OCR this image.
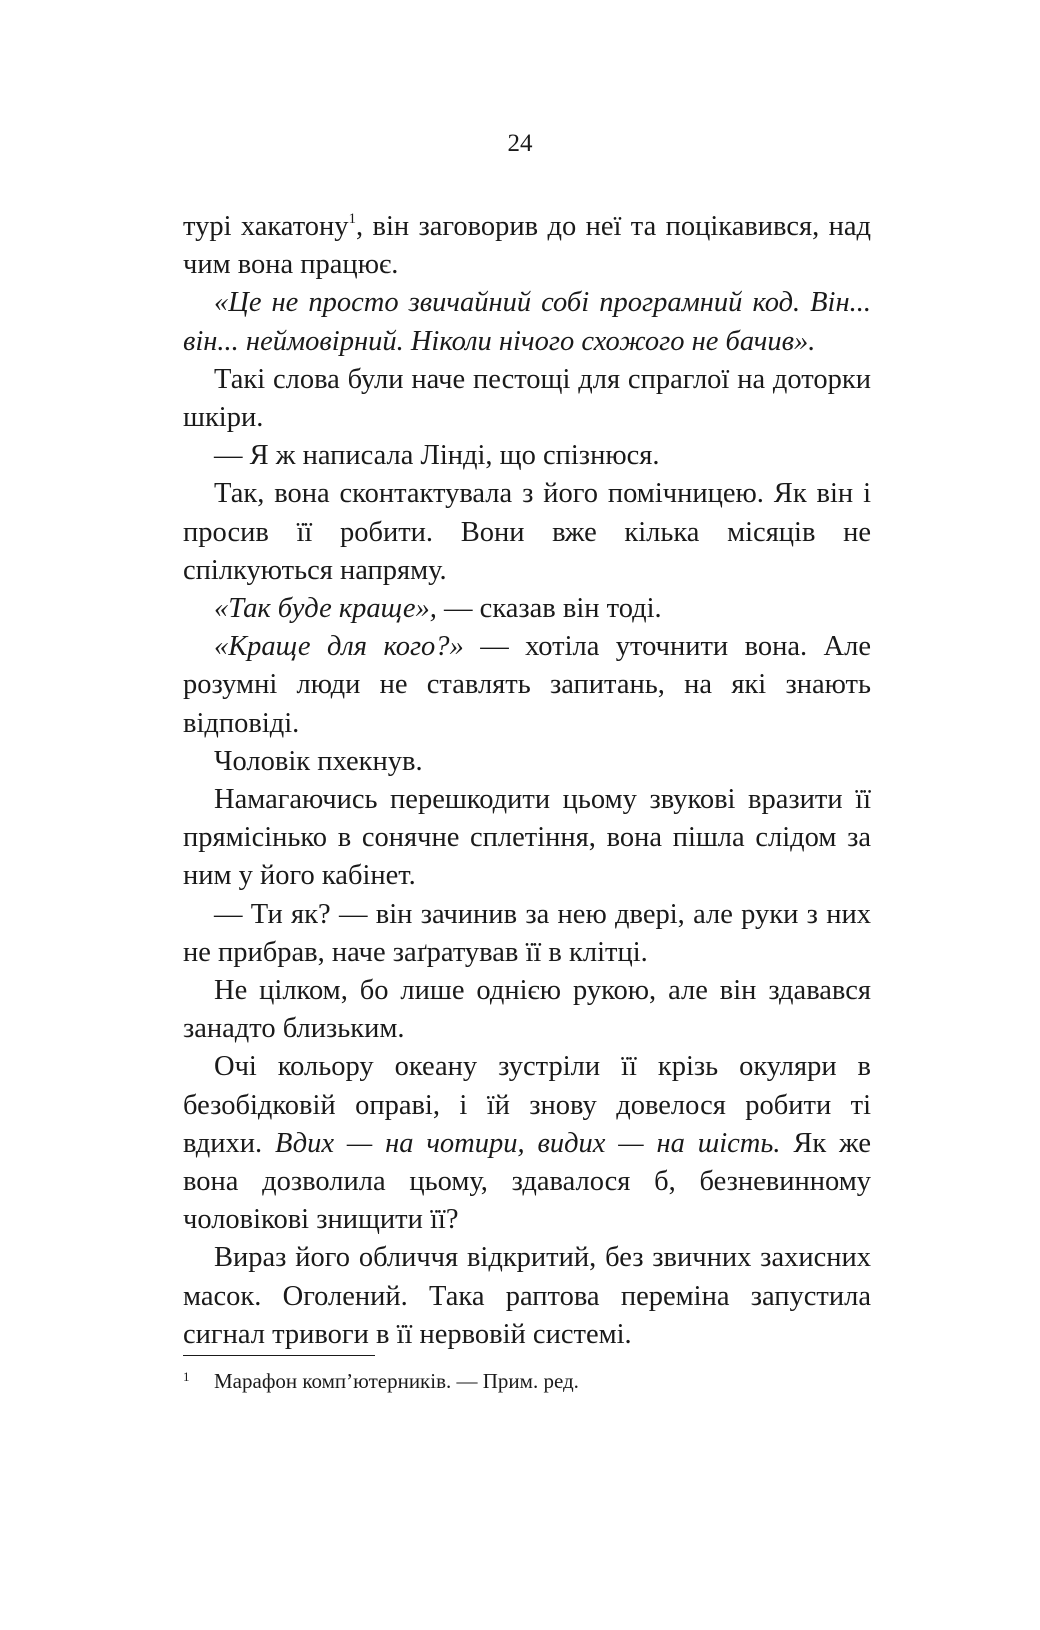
24

турі хакатону$^1$, він заговорив до неї та поцікавився, над чим вона працює.

«Це не просто звичайний собі програмний код. Він... він... неймовірний. Ніколи нічого схожого не бачив».

Такі слова були наче пестощі для спраглої на доторки шкіри.

— Я ж написала Лінді, що спізнюся.

Так, вона сконтактувала з його помічницею. Як він і просив її робити. Вони вже кілька місяців не спілкуються напряму.

«Так буде краще», — сказав він тоді.

«Краще для кого?» — хотіла уточнити вона. Але розумні люди не ставлять запитань, на які знають відповіді.

Чоловік пхекнув.

Намагаючись перешкодити цьому звукові вразити її прямісінько в сонячне сплетіння, вона пішла слідом за ним у його кабінет.

— Ти як? — він зачинив за нею двері, але руки з них не прибрав, наче заґратував її в клітці.

Не цілком, бо лише однією рукою, але він здавався занадто близьким.

Очі кольору океану зустріли її крізь окуляри в безобідковій оправі, і їй знову довелося робити ті вдихи. Вдих — на чотири, видих — на шість. Як же вона дозволила цьому, здавалося б, безневинному чоловікові знищити її?

Вираз його обличчя відкритий, без звичних захисних масок. Оголений. Така раптова переміна запустила сигнал тривоги в її нервовій системі.

1 Марафон комп’ютерників. — Прим. ред.
